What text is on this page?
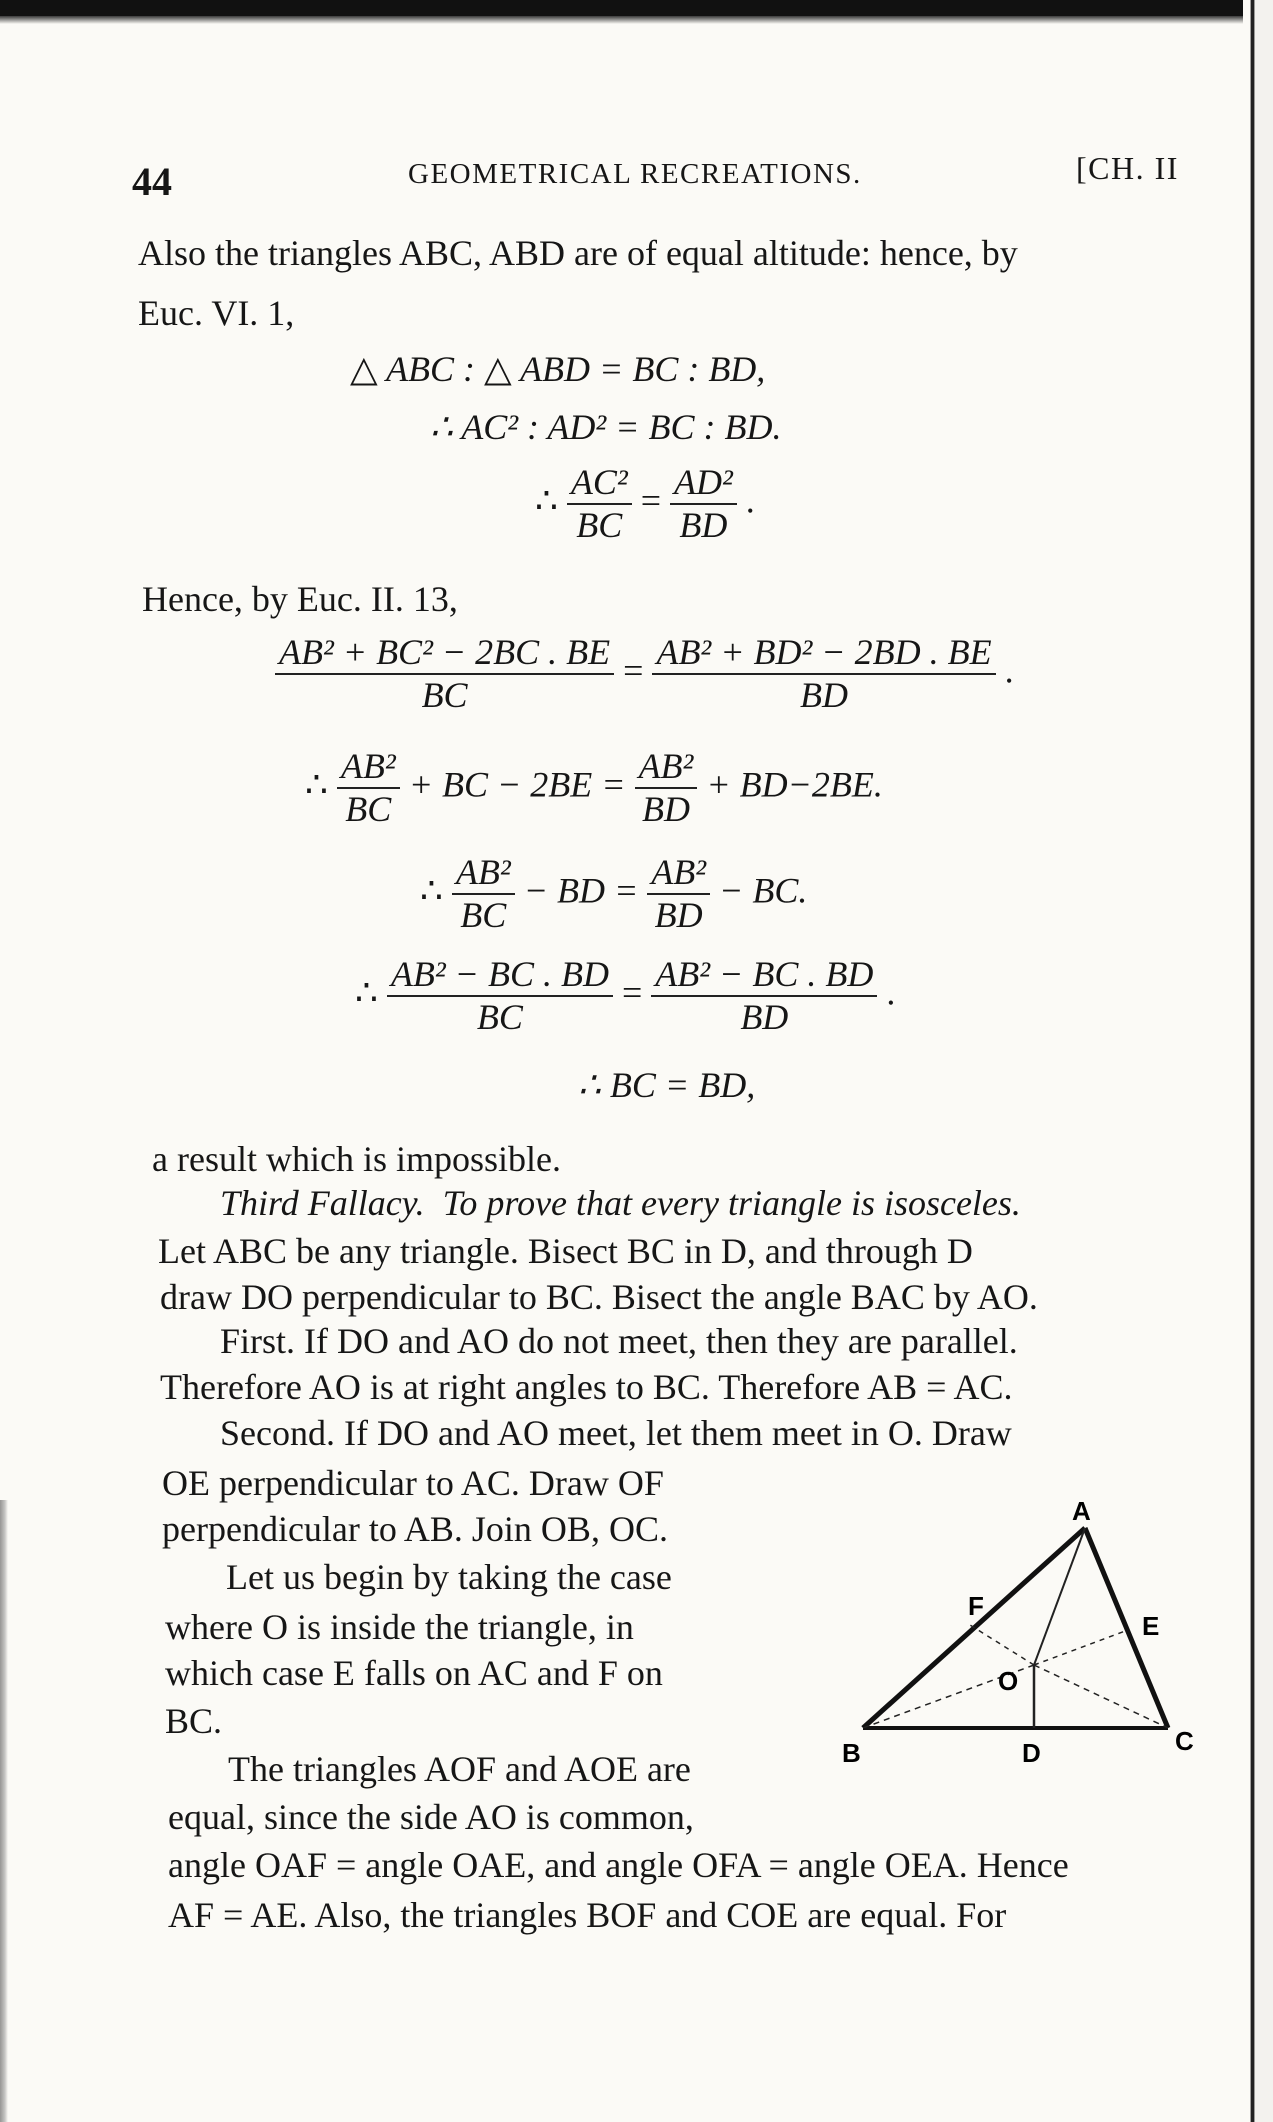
44	GEOMETRICAL RECREATIONS.	[CH. II
Also the triangles ABC, ABD are of equal altitude: hence, by
Euc. VI. 1,
△ ABC : △ ABD = BC : BD,
∴ AC² : AD² = BC : BD.
∴ $\frac{\text{AC²}}{BC} = \frac{\text{AD²}}{BD}$ .
Hence, by Euc. II. 13,
$\frac{\text{AB² + BC² − 2BC . BE}}{BC} = \frac{\text{AB² + BD² − 2BD . BE}}{BD}$ .
∴ $\frac{\text{AB²}}{BC}$ + BC − $2BE = \frac{\text{AB²}}{BD} + BD-2BE$.
∴ $\frac{\text{AB²}}{BC}$ − BD = $\frac{\text{AB²}}{BD}$ − BC.
∴ $\frac{\text{AB² − BC . BD}}{BC} = \frac{\text{AB² − BC . BD}}{BD}$ .
∴ BC = BD,
a result which is impossible.
Third Fallacy. To prove that every triangle is isosceles.
Let ABC be any triangle. Bisect BC in D, and through D
draw DO perpendicular to BC. Bisect the angle BAC by AO.
First. If DO and AO do not meet, then they are parallel.
Therefore AO is at right angles to BC. Therefore AB = AC.
Second. If DO and AO meet, let them meet in O. Draw
OE perpendicular to AC. Draw OF
perpendicular to AB. Join OB, OC.
Let us begin by taking the case
where O is inside the triangle, in
which case E falls on AC and F on
BC.
The triangles AOF and AOE are
equal, since the side AO is common,
angle OAF = angle OAE, and angle OFA = angle OEA. Hence
AF = AE. Also, the triangles BOF and COE are equal. For
A
B	C
D
E
F
O
